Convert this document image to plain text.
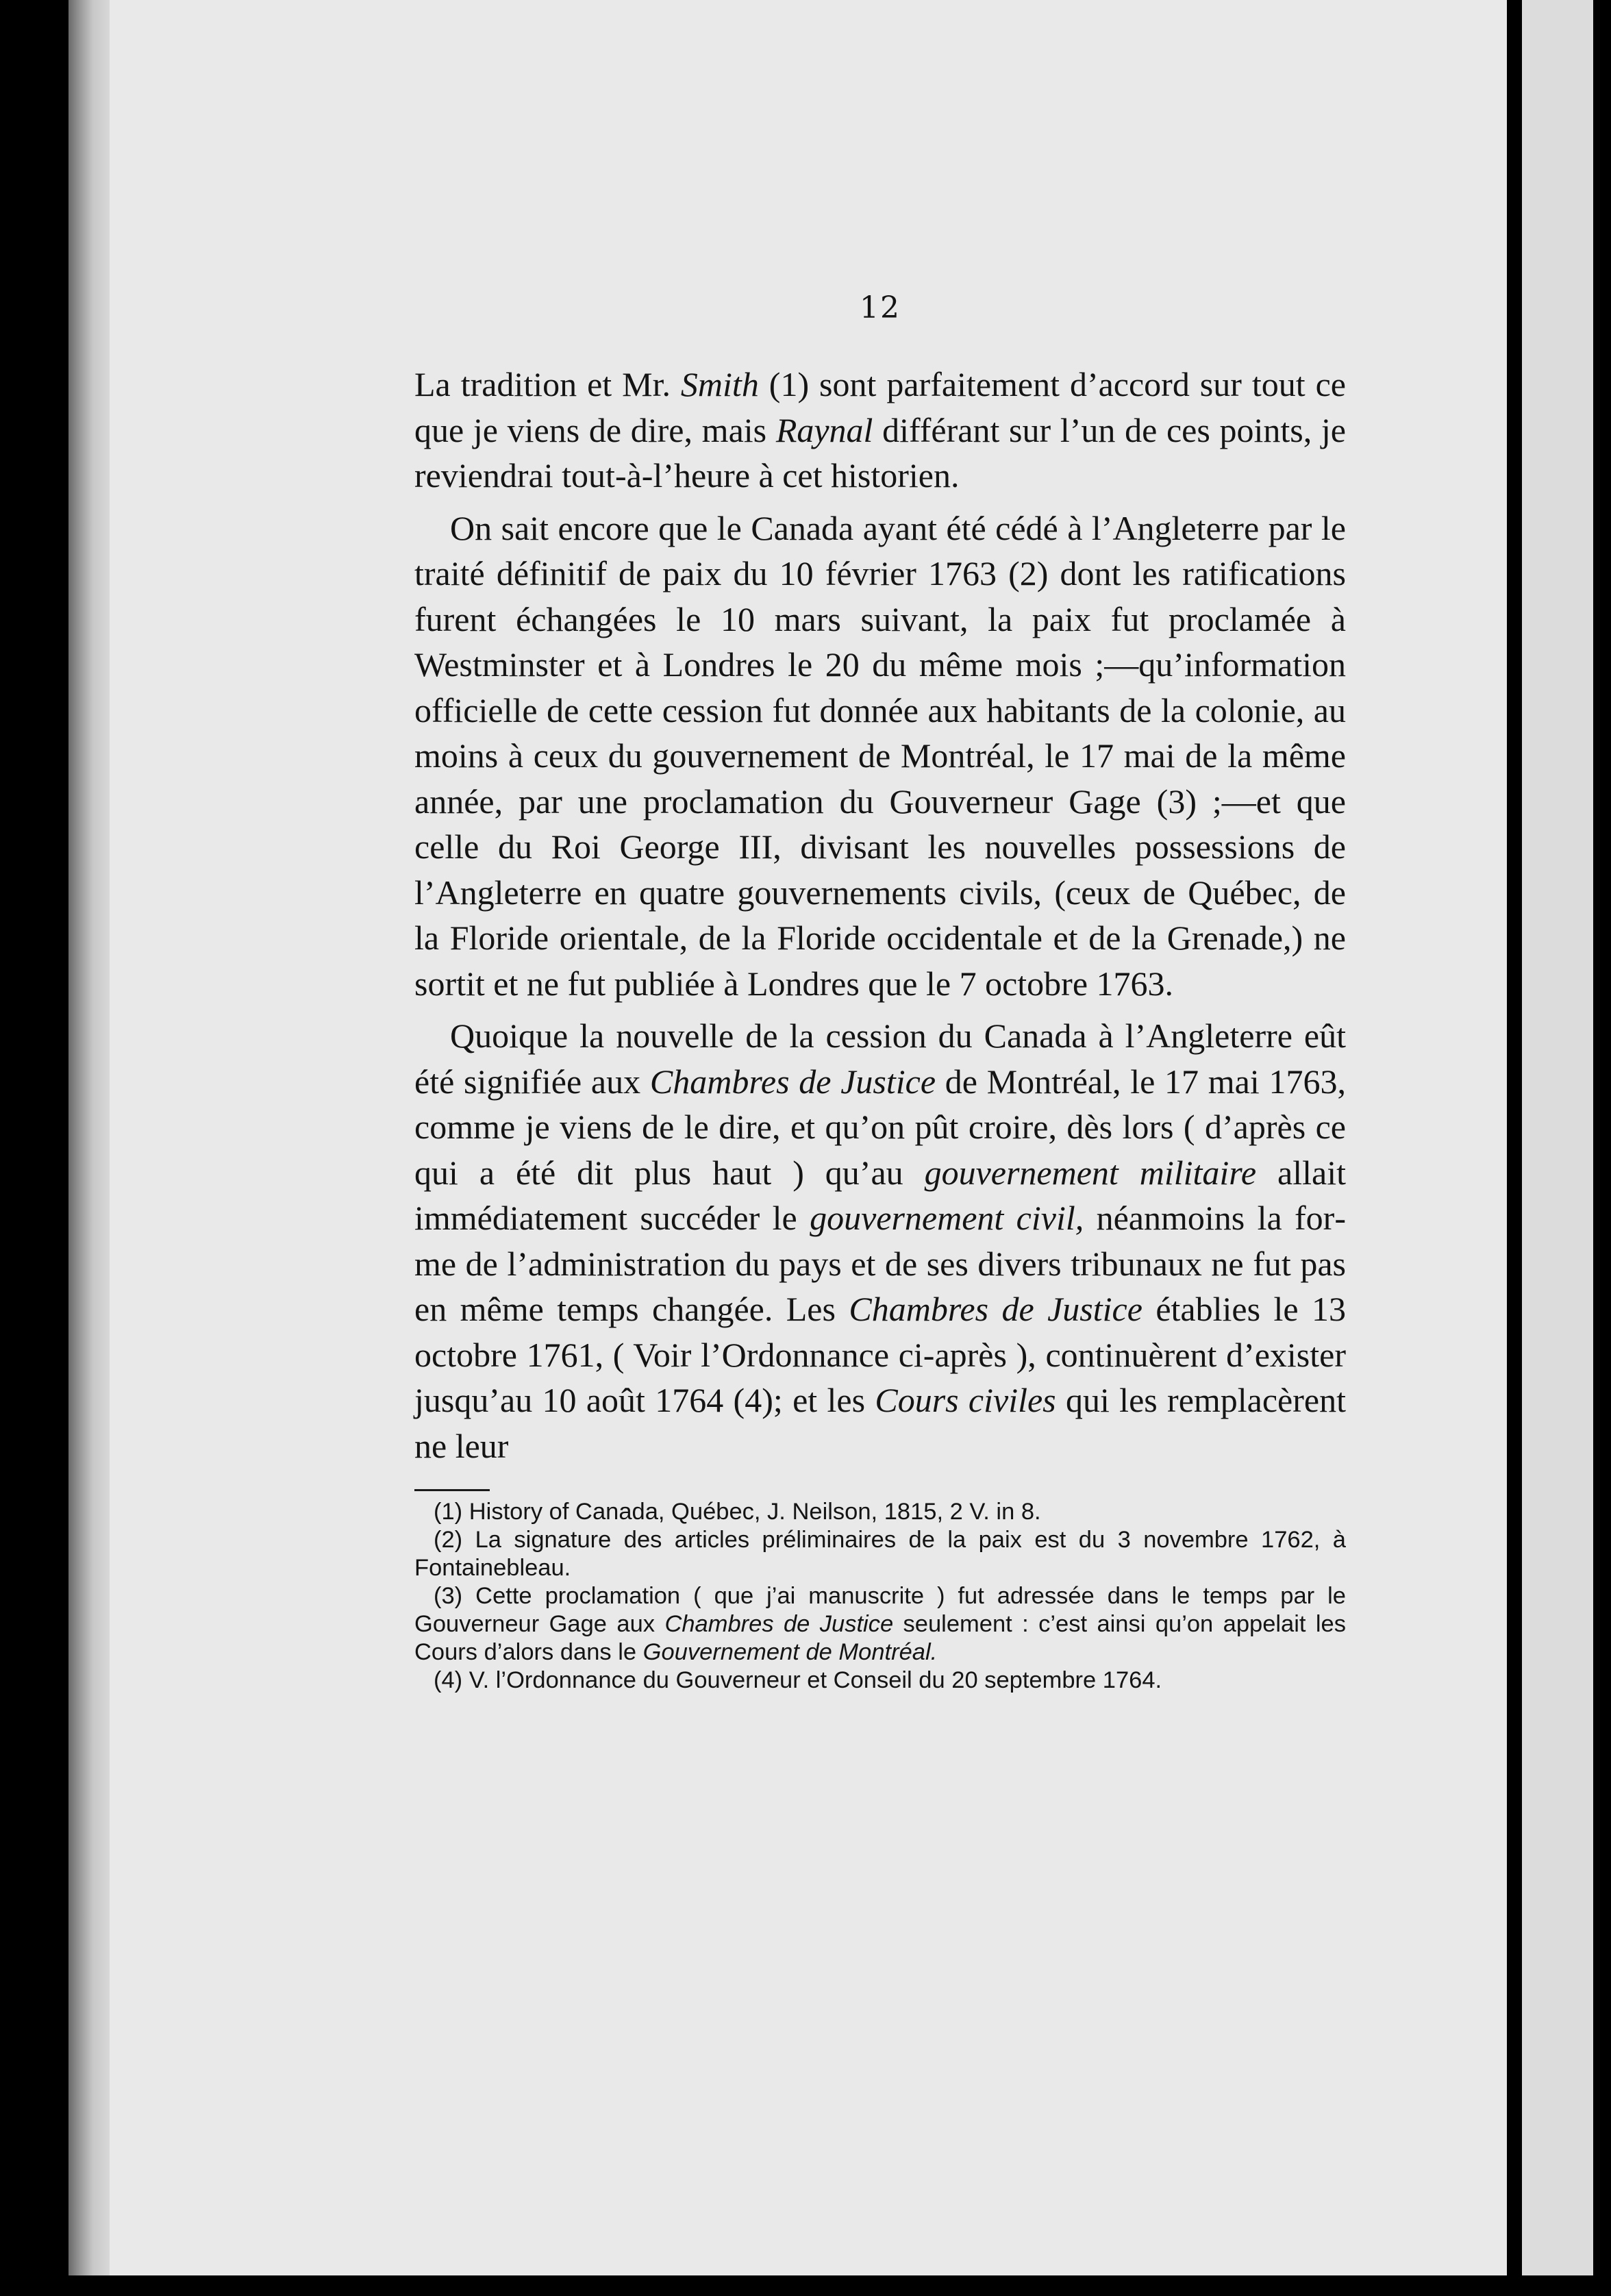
12

La tradition et Mr. Smith (1) sont parfaitement d’accord sur tout ce que je viens de dire, mais Raynal différant sur l’un de ces points, je reviendrai tout-à-l’heure à cet historien.

On sait encore que le Canada ayant été cédé à l’Angleterre par le traité définitif de paix du 10 février 1763 (2) dont les ratifications furent échangées le 10 mars suivant, la paix fut proclamée à Westminster et à Londres le 20 du même mois ;—qu’information officielle de cette cession fut donnée aux habitants de la colonie, au moins à ceux du gouvernement de Montréal, le 17 mai de la même année, par une proclamation du Gouverneur Gage (3) ;—et que celle du Roi George III, divisant les nouvelles possessions de l’Angleterre en quatre gouvernements civils, (ceux de Québec, de la Floride orientale, de la Floride occidentale et de la Grenade,) ne sortit et ne fut publiée à Londres que le 7 octobre 1763.

Quoique la nouvelle de la cession du Canada à l’Angleterre eût été signifiée aux Chambres de Justice de Montréal, le 17 mai 1763, comme je viens de le dire, et qu’on pût croire, dès lors ( d’après ce qui a été dit plus haut ) qu’au gouvernement militaire allait immédiatement succéder le gouvernement civil, néanmoins la forme de l’administration du pays et de ses divers tribunaux ne fut pas en même temps changée. Les Chambres de Justice établies le 13 octobre 1761, ( Voir l’Ordonnance ci-après ), continuèrent d’exister jusqu’au 10 août 1764 (4); et les Cours civiles qui les remplacèrent ne leur

(1) History of Canada, Québec, J. Neilson, 1815, 2 V. in 8.

(2) La signature des articles préliminaires de la paix est du 3 novembre 1762, à Fontainebleau.

(3) Cette proclamation ( que j’ai manuscrite ) fut adressée dans le temps par le Gouverneur Gage aux Chambres de Justice seulement : c’est ainsi qu’on appelait les Cours d’alors dans le Gouvernement de Montréal.

(4) V. l’Ordonnance du Gouverneur et Conseil du 20 septembre 1764.
